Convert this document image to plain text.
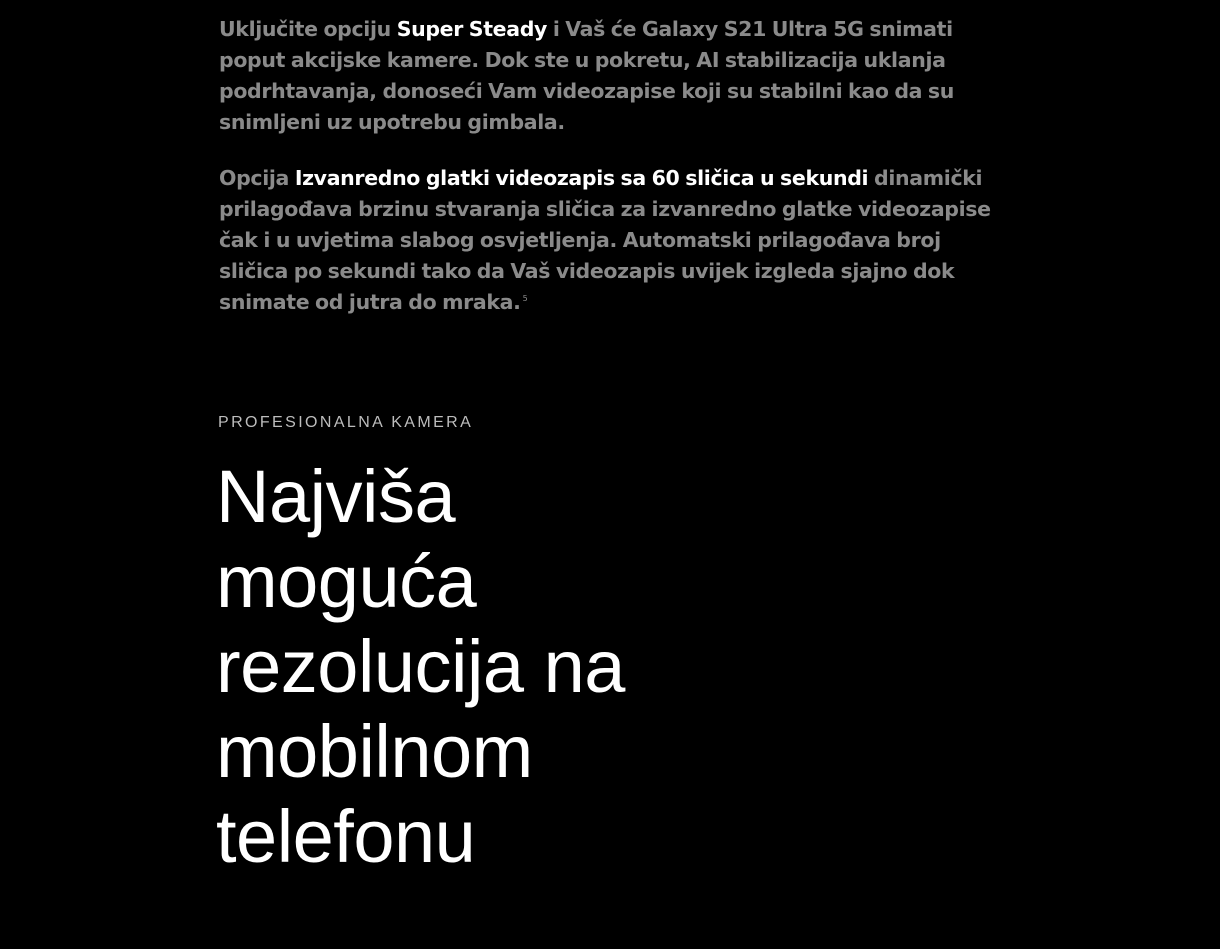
Uključite opciju Super Steady i Vaš će Galaxy S21 Ultra 5G snimati poput akcijske kamere. Dok ste u pokretu, AI stabilizacija uklanja podrhtavanja, donoseći Vam videozapise koji su stabilni kao da su snimljeni uz upotrebu gimbala.

Opcija Izvanredno glatki videozapis sa 60 sličica u sekundi dinamički prilagođava brzinu stvaranja sličica za izvanredno glatke videozapise čak i u uvjetima slabog osvjetljenja. Automatski prilagođava broj sličica po sekundi tako da Vaš videozapis uvijek izgleda sjajno dok snimate od jutra do mraka. $^5$

PROFESIONALNA KAMERA

Najviša
moguća
rezolucija na
mobilnom
telefonu
